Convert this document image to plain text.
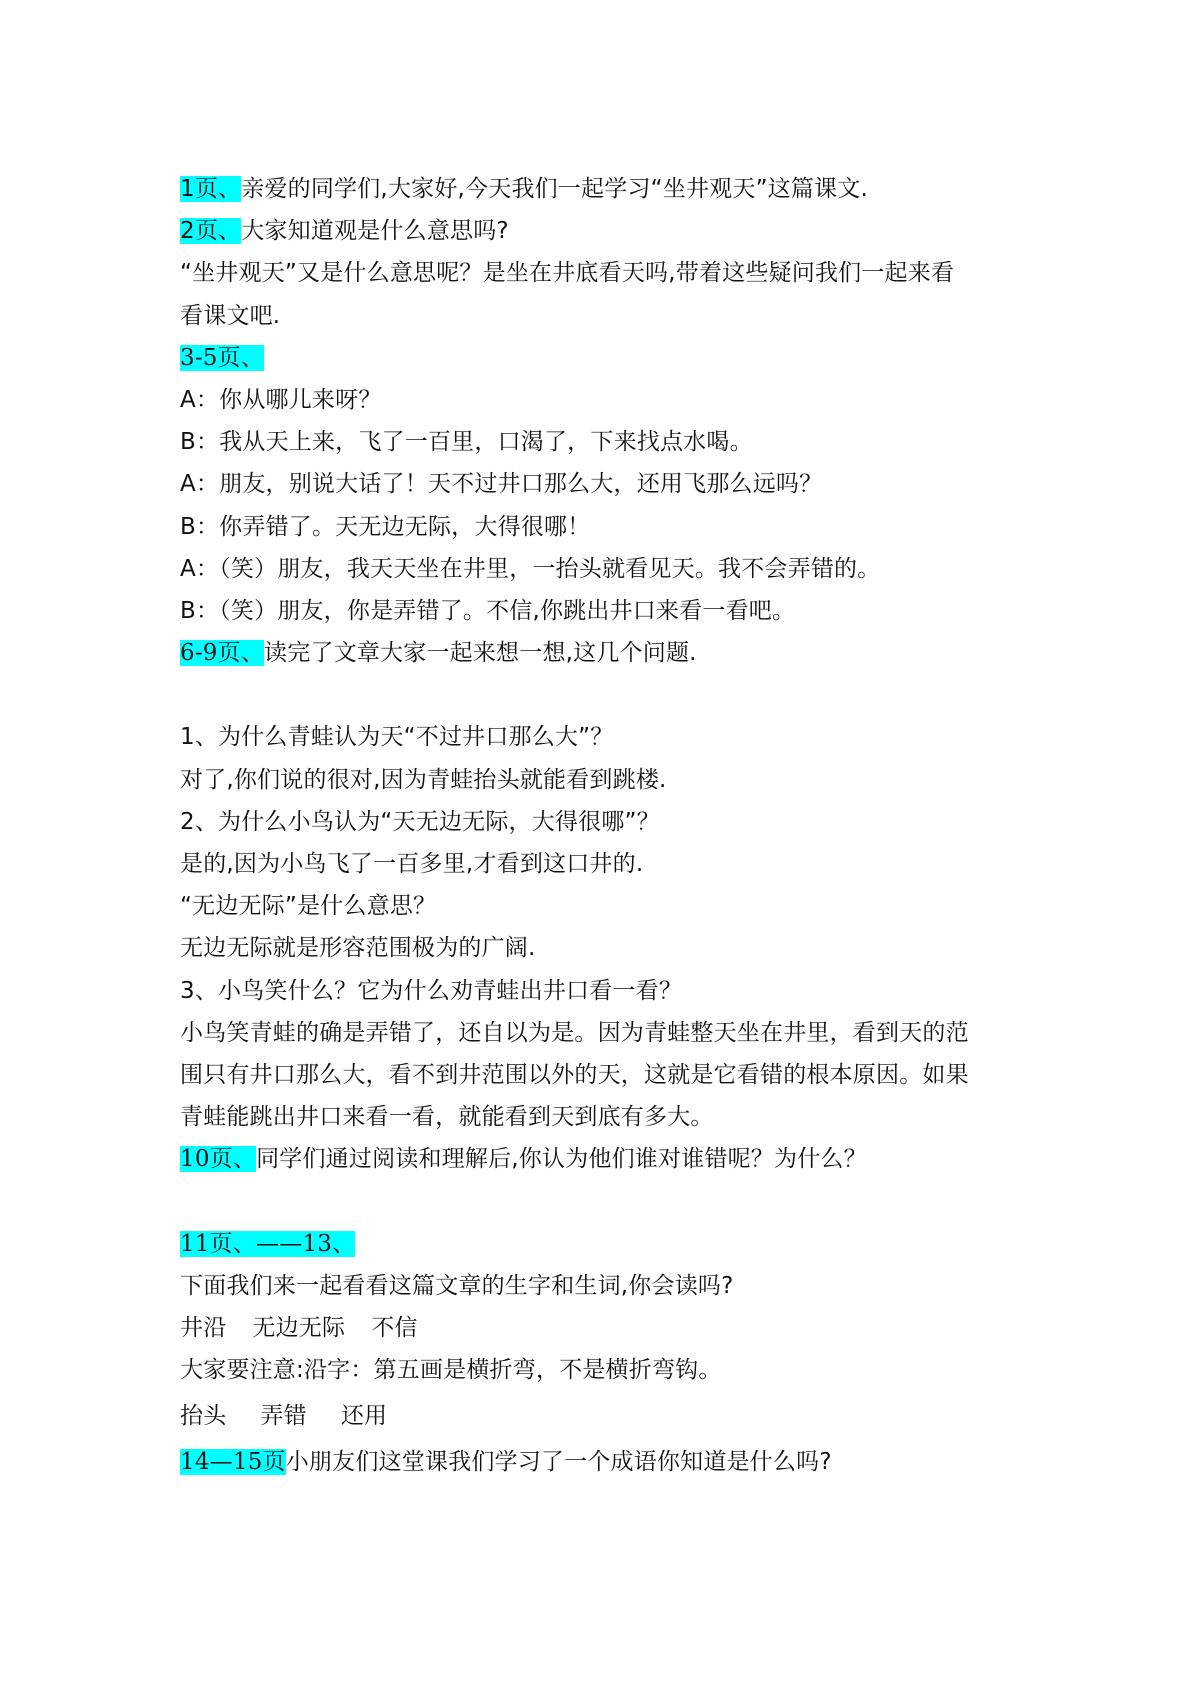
1页、亲爱的同学们,大家好,今天我们一起学习“坐井观天”这篇课文.
2页、大家知道观是什么意思吗?
“坐井观天”又是什么意思呢？是坐在井底看天吗,带着这些疑问我们一起来看
看课文吧.
3-5页、
A：你从哪儿来呀？
B：我从天上来，飞了一百里，口渴了，下来找点水喝。
A：朋友，别说大话了！天不过井口那么大，还用飞那么远吗？
B：你弄错了。天无边无际，大得很哪！
A：（笑）朋友，我天天坐在井里，一抬头就看见天。我不会弄错的。
B：（笑）朋友，你是弄错了。不信,你跳出井口来看一看吧。
6-9页、读完了文章大家一起来想一想,这几个问题.
1、为什么青蛙认为天“不过井口那么大”？
对了,你们说的很对,因为青蛙抬头就能看到跳楼.
2、为什么小鸟认为“天无边无际，大得很哪”？
是的,因为小鸟飞了一百多里,才看到这口井的.
“无边无际”是什么意思？
无边无际就是形容范围极为的广阔.
3、小鸟笑什么？它为什么劝青蛙出井口看一看？
小鸟笑青蛙的确是弄错了，还自以为是。因为青蛙整天坐在井里，看到天的范
围只有井口那么大，看不到井范围以外的天，这就是它看错的根本原因。如果
青蛙能跳出井口来看一看，就能看到天到底有多大。
10页、同学们通过阅读和理解后,你认为他们谁对谁错呢？为什么？
11页、——13、
下面我们来一起看看这篇文章的生字和生词,你会读吗?
井沿 无边无际 不信
大家要注意:沿字：第五画是横折弯，不是横折弯钩。
抬头 弄错 还用
14—15页小朋友们这堂课我们学习了一个成语你知道是什么吗?
